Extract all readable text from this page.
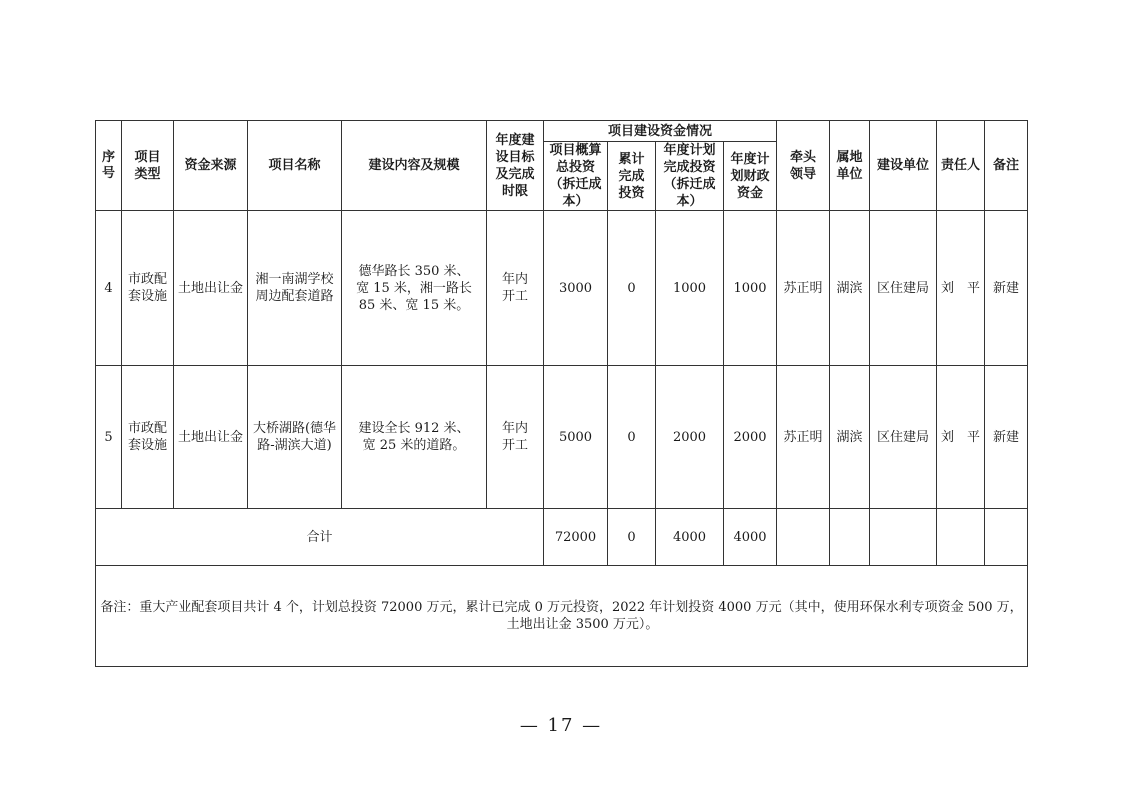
序号	项目类型	资金来源	项目名称	建设内容及规模	年度建设目标及完成时限	项目建设资金情况				牵头领导	属地单位	建设单位	责任人	备注
						项目概算总投资（拆迁成本）	累计完成投资	年度计划完成投资（拆迁成本）	年度计划财政资金					
4	市政配套设施	土地出让金	湘一南湖学校周边配套道路	德华路长 350 米、宽 15 米，湘一路长 85 米、宽 15 米。	年内开工	3000	0	1000	1000	苏正明	湖滨	区住建局	刘　平	新建
5	市政配套设施	土地出让金	大桥湖路(德华路-湖滨大道)	建设全长 912 米、宽 25 米的道路。	年内开工	5000	0	2000	2000	苏正明	湖滨	区住建局	刘　平	新建
合计						72000	0	4000	4000					
备注：重大产业配套项目共计 4 个，计划总投资 72000 万元，累计已完成 0 万元投资，2022 年计划投资 4000 万元（其中，使用环保水利专项资金 500 万，
土地出让金 3500 万元）。														
— 17 —
